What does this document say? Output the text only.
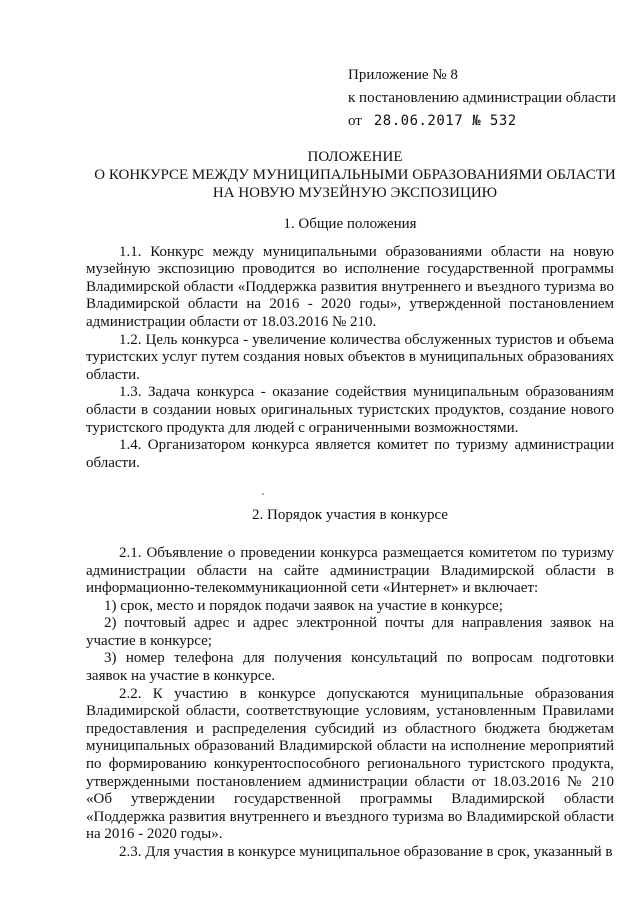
Приложение № 8
к постановлению администрации области
от 28.06.2017 № 532
ПОЛОЖЕНИЕ
О КОНКУРСЕ МЕЖДУ МУНИЦИПАЛЬНЫМИ ОБРАЗОВАНИЯМИ ОБЛАСТИ
НА НОВУЮ МУЗЕЙНУЮ ЭКСПОЗИЦИЮ

1. Общие положения

1.1. Конкурс между муниципальными образованиями области на новую музейную экспозицию проводится во исполнение государственной программы Владимирской области «Поддержка развития внутреннего и въездного туризма во Владимирской области на 2016 - 2020 годы», утвержденной постановлением администрации области от 18.03.2016 № 210.

1.2. Цель конкурса - увеличение количества обслуженных туристов и объема туристских услуг путем создания новых объектов в муниципальных образованиях области.

1.3. Задача конкурса - оказание содействия муниципальным образованиям области в создании новых оригинальных туристских продуктов, создание нового туристского продукта для людей с ограниченными возможностями.

1.4. Организатором конкурса является комитет по туризму администрации области.

2. Порядок участия в конкурсе

2.1. Объявление о проведении конкурса размещается комитетом по туризму администрации области на сайте администрации Владимирской области в информационно-телекоммуникационной сети «Интернет» и включает:

1) срок, место и порядок подачи заявок на участие в конкурсе;

2) почтовый адрес и адрес электронной почты для направления заявок на участие в конкурсе;

3) номер телефона для получения консультаций по вопросам подготовки заявок на участие в конкурсе.

2.2. К участию в конкурсе допускаются муниципальные образования Владимирской области, соответствующие условиям, установленным Правилами предоставления и распределения субсидий из областного бюджета бюджетам муниципальных образований Владимирской области на исполнение мероприятий по формированию конкурентоспособного регионального туристского продукта, утвержденными постановлением администрации области от 18.03.2016 № 210 «Об утверждении государственной программы Владимирской области «Поддержка развития внутреннего и въездного туризма во Владимирской области на 2016 - 2020 годы».

2.3. Для участия в конкурсе муниципальное образование в срок, указанный в
